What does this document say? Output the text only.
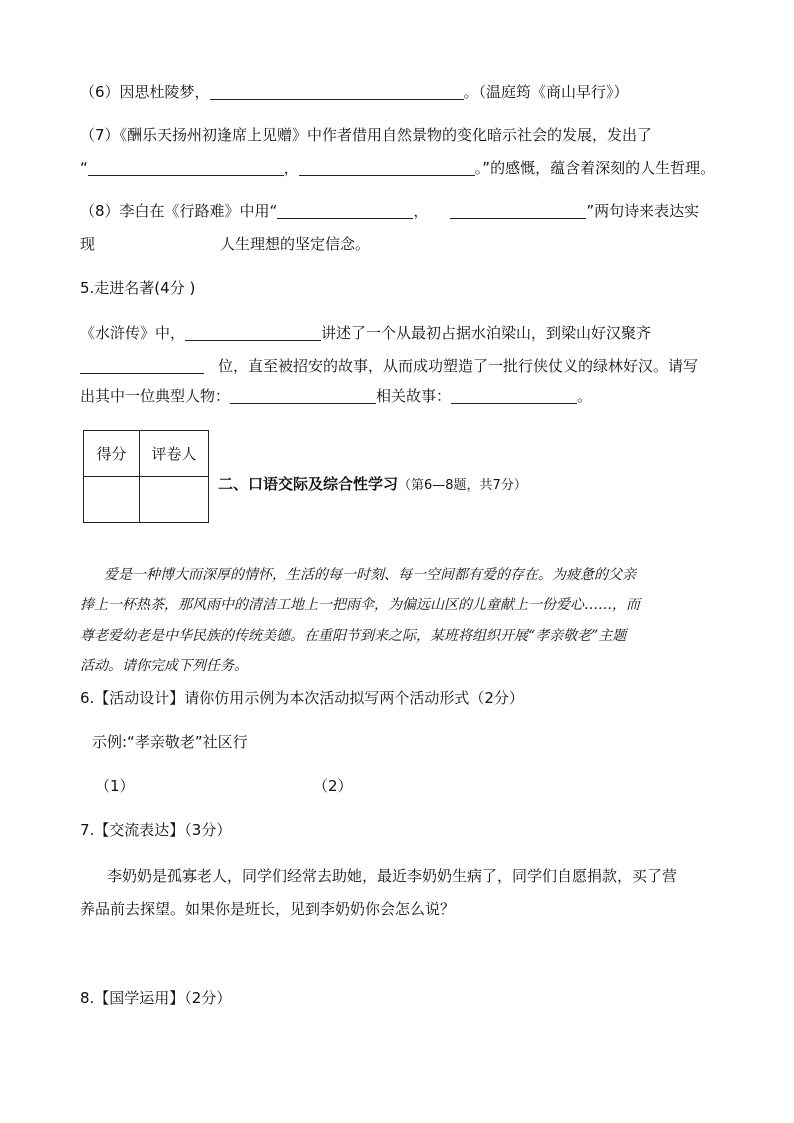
（6）因思杜陵梦，	。（温庭筠《商山早行》）
（7）《酬乐天扬州初逢席上见赠》中作者借用自然景物的变化暗示社会的发展，发出了
“	，	。”的感慨，蕴含着深刻的人生哲理。
（8）李白在《行路难》中用“	，	”两句诗来表达实
现	人生理想的坚定信念。
5.走进名著(4分 )
《水浒传》中，	讲述了一个从最初占据水泊梁山，到梁山好汉聚齐
位，直至被招安的故事，从而成功塑造了一批行侠仗义的绿林好汉。请写
出其中一位典型人物：	相关故事：	。
得分	评卷人

二、口语交际及综合性学习（第6—8题，共7分）
爱是一种博大而深厚的情怀，生活的每一时刻、每一空间都有爱的存在。为疲惫的父亲
捧上一杯热茶，那风雨中的清洁工地上一把雨伞，为偏远山区的儿童献上一份爱心……，而
尊老爱幼老是中华民族的传统美德。在重阳节到来之际，某班将组织开展“孝亲敬老”主题
活动。请你完成下列任务。
6.【活动设计】请你仿用示例为本次活动拟写两个活动形式（2分）
示例:“孝亲敬老”社区行
（1）	（2）
7.【交流表达】（3分）
李奶奶是孤寡老人，同学们经常去助她，最近李奶奶生病了，同学们自愿捐款，买了营
养品前去探望。如果你是班长，见到李奶奶你会怎么说？
8.【国学运用】（2分）
